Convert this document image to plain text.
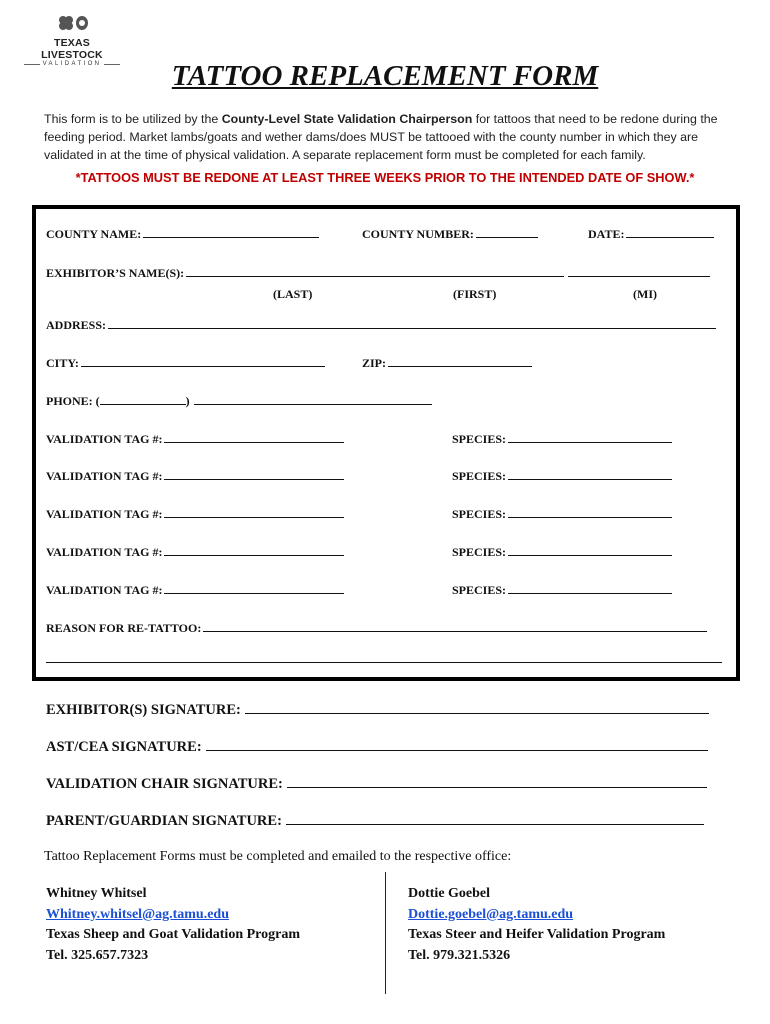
TEXAS LIVESTOCK
VALIDATION	TATTOO REPLACEMENT FORM
This form is to be utilized by the County-Level State Validation Chairperson for tattoos that need to be redone during the feeding period. Market lambs/goats and wether dams/does MUST be tattooed with the county number in which they are validated in at the time of physical validation. A separate replacement form must be completed for each family.
*TATTOOS MUST BE REDONE AT LEAST THREE WEEKS PRIOR TO THE INTENDED DATE OF SHOW.*
COUNTY NAME:	COUNTY NUMBER:	DATE:
EXHIBITOR’S NAME(S):
(LAST)	(FIRST)	(MI)
ADDRESS:
CITY:	ZIP:
PHONE: (	)
VALIDATION TAG #:	SPECIES:
VALIDATION TAG #:	SPECIES:
VALIDATION TAG #:	SPECIES:
VALIDATION TAG #:	SPECIES:
VALIDATION TAG #:	SPECIES:
REASON FOR RE-TATTOO:
EXHIBITOR(S) SIGNATURE:
AST/CEA SIGNATURE:
VALIDATION CHAIR SIGNATURE:
PARENT/GUARDIAN SIGNATURE:
Tattoo Replacement Forms must be completed and emailed to the respective office:
Whitney Whitsel
Whitney.whitsel@ag.tamu.edu
Texas Sheep and Goat Validation Program
Tel. 325.657.7323
Dottie Goebel
Dottie.goebel@ag.tamu.edu
Texas Steer and Heifer Validation Program
Tel. 979.321.5326
